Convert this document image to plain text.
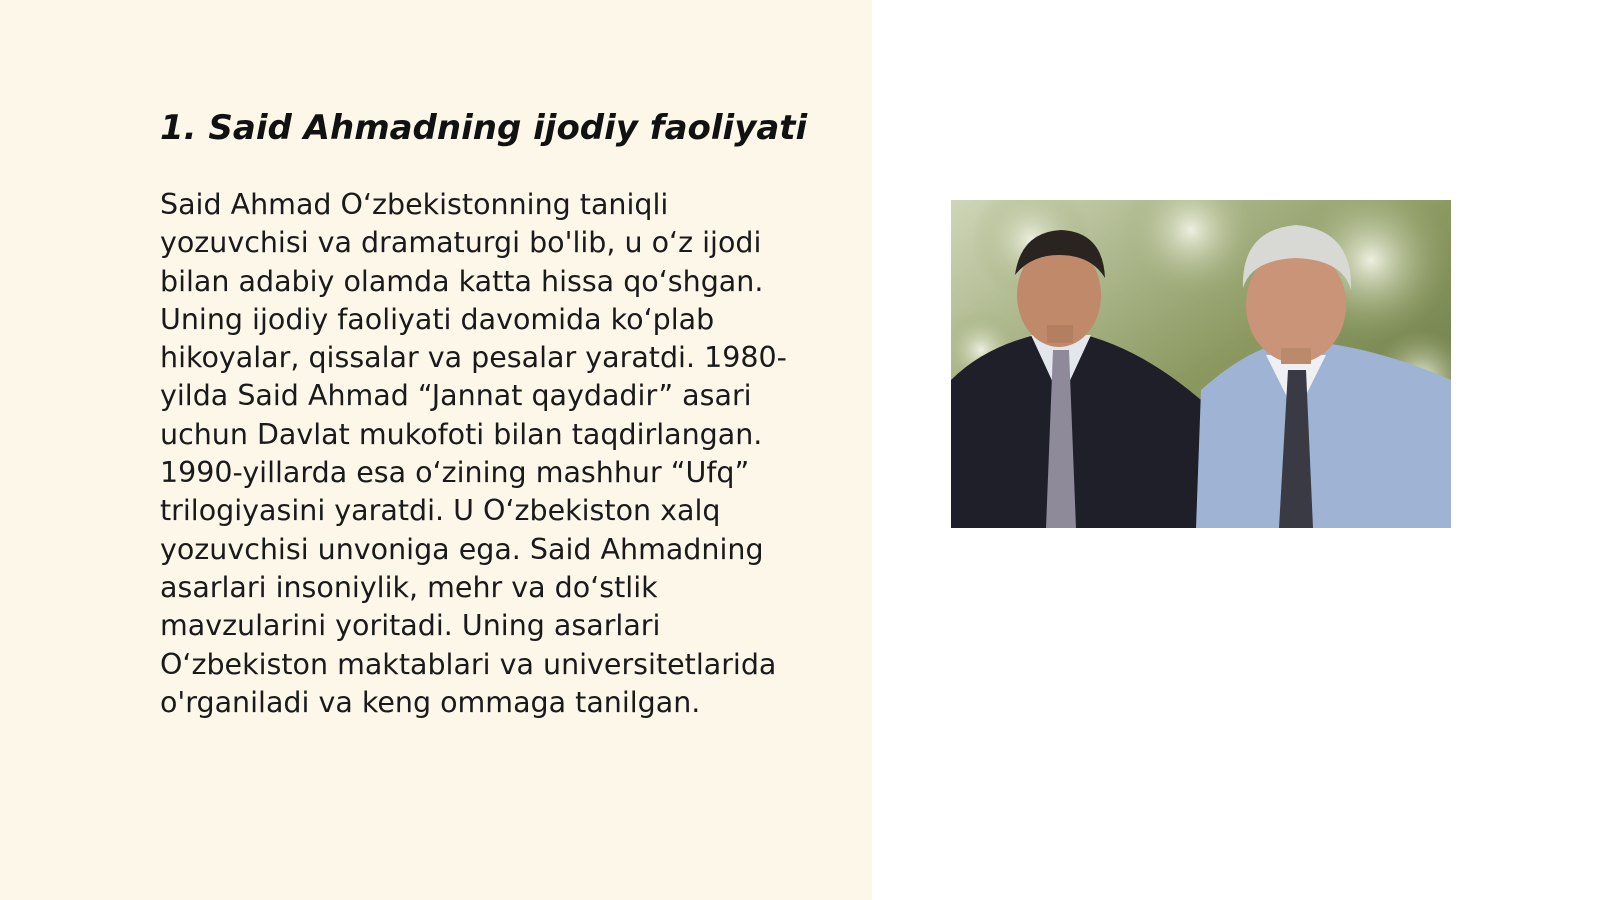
1. Said Ahmadning ijodiy faoliyati

Said Ahmad O‘zbekistonning taniqli yozuvchisi va dramaturgi bo'lib, u o‘z ijodi bilan adabiy olamda katta hissa qo‘shgan. Uning ijodiy faoliyati davomida ko‘plab hikoyalar, qissalar va pesalar yaratdi. 1980-yilda Said Ahmad “Jannat qaydadir” asari uchun Davlat mukofoti bilan taqdirlangan. 1990-yillarda esa o‘zining mashhur “Ufq” trilogiyasini yaratdi. U O‘zbekiston xalq yozuvchisi unvoniga ega. Said Ahmadning asarlari insoniylik, mehr va do‘stlik mavzularini yoritadi. Uning asarlari O‘zbekiston maktablari va universitetlarida o'rganiladi va keng ommaga tanilgan.
